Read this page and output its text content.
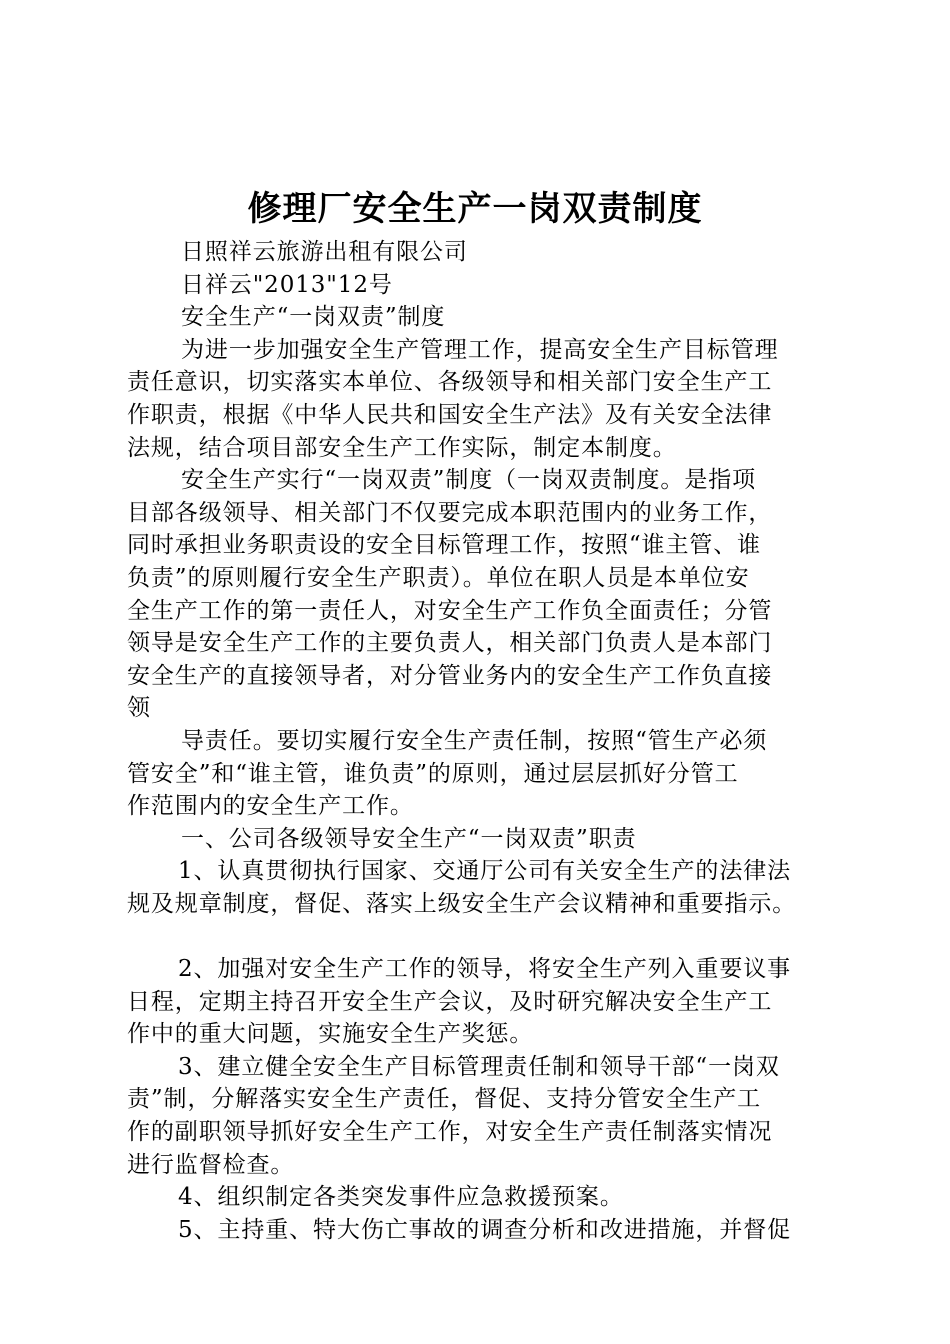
修理厂安全生产一岗双责制度
日照祥云旅游出租有限公司
日祥云"2013"12号
安全生产“一岗双责”制度
为进一步加强安全生产管理工作，提高安全生产目标管理
责任意识，切实落实本单位、各级领导和相关部门安全生产工
作职责，根据《中华人民共和国安全生产法》及有关安全法律
法规，结合项目部安全生产工作实际，制定本制度。
安全生产实行“一岗双责”制度（一岗双责制度。是指项
目部各级领导、相关部门不仅要完成本职范围内的业务工作，
同时承担业务职责设的安全目标管理工作，按照“谁主管、谁
负责”的原则履行安全生产职责）。单位在职人员是本单位安
全生产工作的第一责任人，对安全生产工作负全面责任；分管
领导是安全生产工作的主要负责人，相关部门负责人是本部门
安全生产的直接领导者，对分管业务内的安全生产工作负直接
领
导责任。要切实履行安全生产责任制，按照“管生产必须
管安全”和“谁主管，谁负责”的原则，通过层层抓好分管工
作范围内的安全生产工作。
一、公司各级领导安全生产“一岗双责”职责
1、认真贯彻执行国家、交通厅公司有关安全生产的法律法
规及规章制度，督促、落实上级安全生产会议精神和重要指示。
2、加强对安全生产工作的领导，将安全生产列入重要议事
日程，定期主持召开安全生产会议，及时研究解决安全生产工
作中的重大问题，实施安全生产奖惩。
3、建立健全安全生产目标管理责任制和领导干部“一岗双
责”制，分解落实安全生产责任，督促、支持分管安全生产工
作的副职领导抓好安全生产工作，对安全生产责任制落实情况
进行监督检查。
4、组织制定各类突发事件应急救援预案。
5、主持重、特大伤亡事故的调查分析和改进措施，并督促
